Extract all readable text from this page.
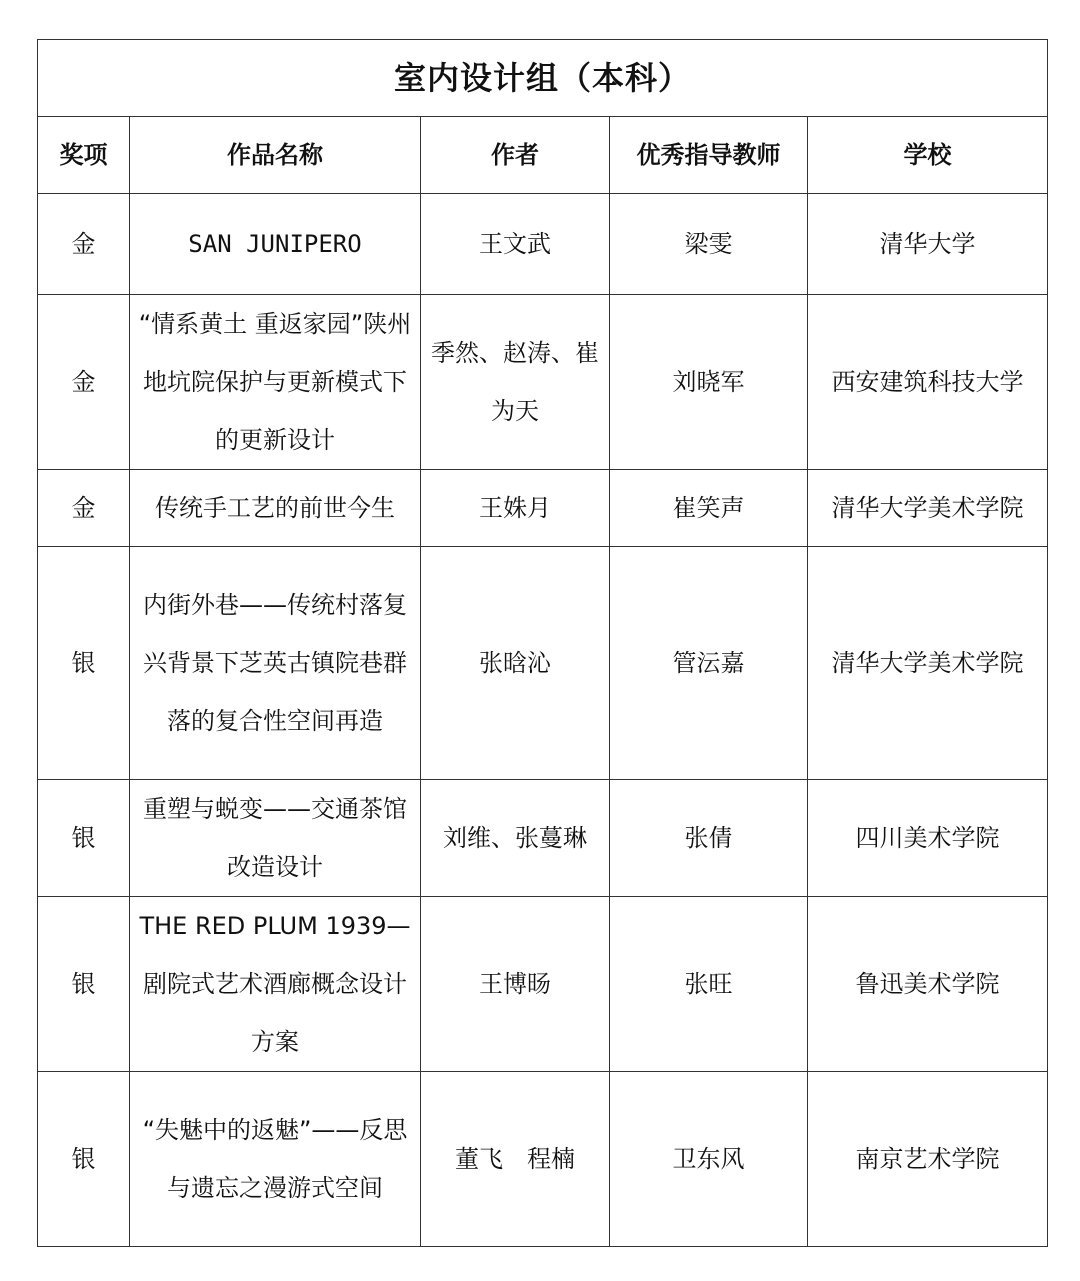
室内设计组（本科）				
奖项	作品名称	作者	优秀指导教师	学校
金	SAN JUNIPERO	王文武	梁雯	清华大学
金	“情系黄土 重返家园”陕州地坑院保护与更新模式下的更新设计	季然、赵涛、崔为天	刘晓军	西安建筑科技大学
金	传统手工艺的前世今生	王姝月	崔笑声	清华大学美术学院
银	内街外巷——传统村落复兴背景下芝英古镇院巷群落的复合性空间再造	张晗沁	管沄嘉	清华大学美术学院
银	重塑与蜕变——交通茶馆改造设计	刘维、张蔓琳	张倩	四川美术学院
银	THE RED PLUM 1939—剧院式艺术酒廊概念设计方案	王博旸	张旺	鲁迅美术学院
银	“失魅中的返魅”——反思与遗忘之漫游式空间	董飞　程楠	卫东风	南京艺术学院
